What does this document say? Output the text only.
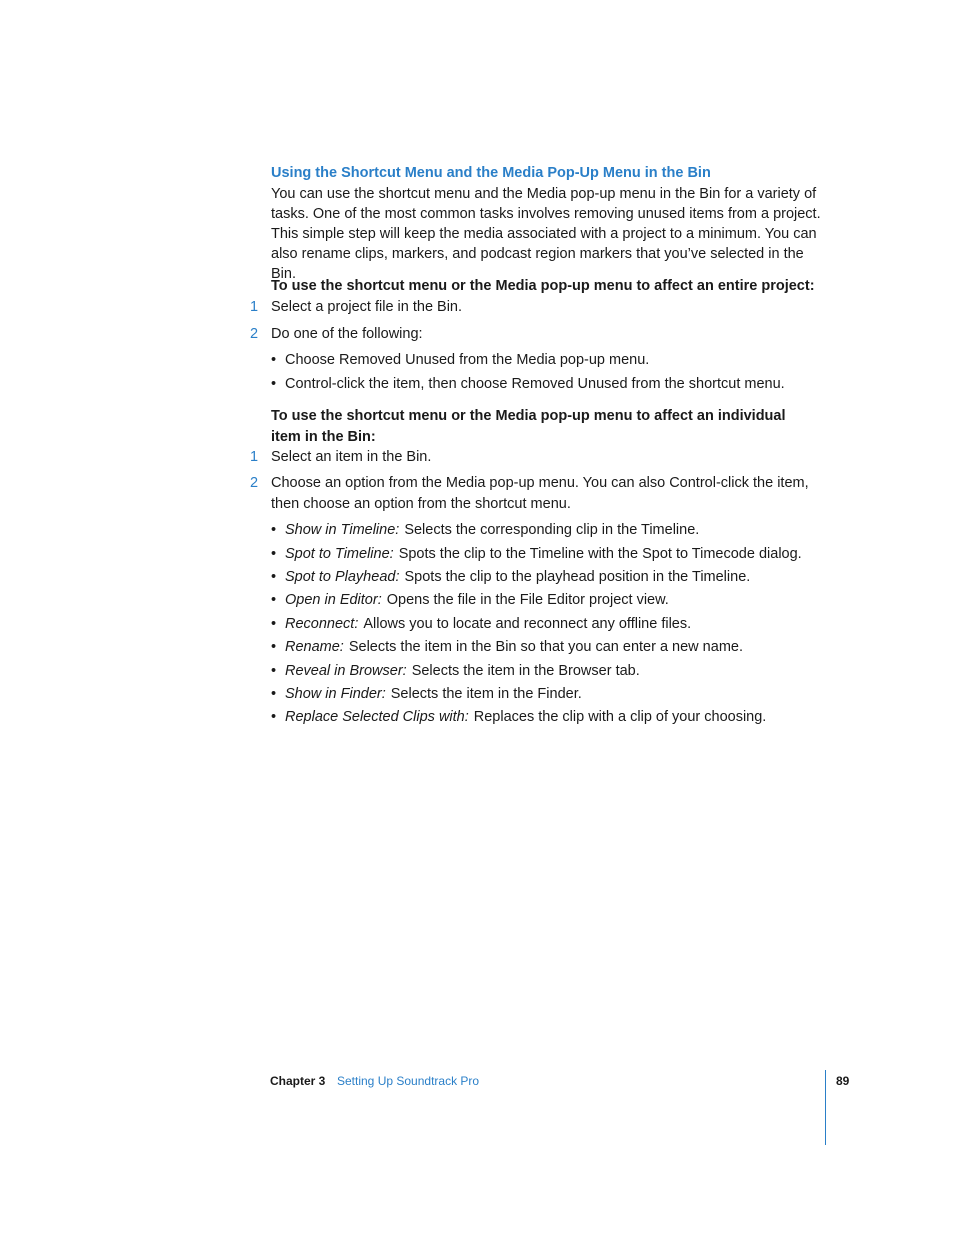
Using the Shortcut Menu and the Media Pop-Up Menu in the Bin
You can use the shortcut menu and the Media pop-up menu in the Bin for a variety of
tasks. One of the most common tasks involves removing unused items from a project.
This simple step will keep the media associated with a project to a minimum. You can
also rename clips, markers, and podcast region markers that you’ve selected in the Bin.
To use the shortcut menu or the Media pop-up menu to affect an entire project:
1 Select a project file in the Bin.
2 Do one of the following:
• Choose Removed Unused from the Media pop-up menu.
• Control-click the item, then choose Removed Unused from the shortcut menu.
To use the shortcut menu or the Media pop-up menu to affect an individual
item in the Bin:
1 Select an item in the Bin.
2 Choose an option from the Media pop-up menu. You can also Control-click the item,
then choose an option from the shortcut menu.
• Show in Timeline: Selects the corresponding clip in the Timeline.
• Spot to Timeline: Spots the clip to the Timeline with the Spot to Timecode dialog.
• Spot to Playhead: Spots the clip to the playhead position in the Timeline.
• Open in Editor: Opens the file in the File Editor project view.
• Reconnect: Allows you to locate and reconnect any offline files.
• Rename: Selects the item in the Bin so that you can enter a new name.
• Reveal in Browser: Selects the item in the Browser tab.
• Show in Finder: Selects the item in the Finder.
• Replace Selected Clips with: Replaces the clip with a clip of your choosing.
Chapter 3 Setting Up Soundtrack Pro	89
